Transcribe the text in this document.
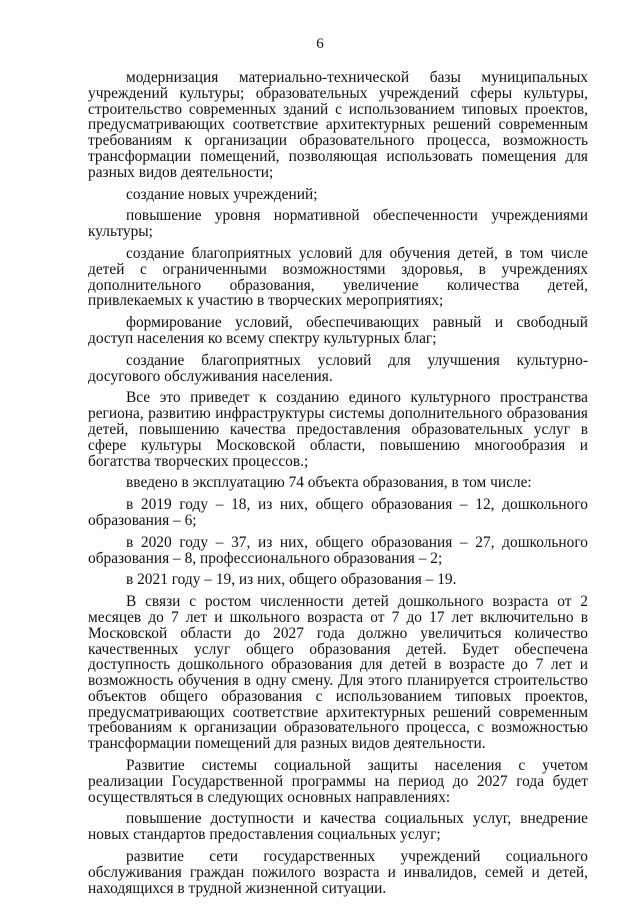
6

модернизация материально-технической базы муниципальных учреждений культуры; образовательных учреждений сферы культуры, строительство современных зданий с использованием типовых проектов, предусматривающих соответствие архитектурных решений современным требованиям к организации образовательного процесса, возможность трансформации помещений, позволяющая использовать помещения для разных видов деятельности;

создание новых учреждений;

повышение уровня нормативной обеспеченности учреждениями культуры;

создание благоприятных условий для обучения детей, в том числе детей с ограниченными возможностями здоровья, в учреждениях дополнительного образования, увеличение количества детей, привлекаемых к участию в творческих мероприятиях;

формирование условий, обеспечивающих равный и свободный доступ населения ко всему спектру культурных благ;

создание благоприятных условий для улучшения культурно-досугового обслуживания населения.

Все это приведет к созданию единого культурного пространства региона, развитию инфраструктуры системы дополнительного образования детей, повышению качества предоставления образовательных услуг в сфере культуры Московской области, повышению многообразия и богатства творческих процессов.;

введено в эксплуатацию 74 объекта образования, в том числе:

в 2019 году – 18, из них, общего образования – 12, дошкольного образования – 6;

в 2020 году – 37, из них, общего образования – 27, дошкольного образования – 8, профессионального образования – 2;

в 2021 году – 19, из них, общего образования – 19.

В связи с ростом численности детей дошкольного возраста от 2 месяцев до 7 лет и школьного возраста от 7 до 17 лет включительно в Московской области до 2027 года должно увеличиться количество качественных услуг общего образования детей. Будет обеспечена доступность дошкольного образования для детей в возрасте до 7 лет и возможность обучения в одну смену. Для этого планируется строительство объектов общего образования с использованием типовых проектов, предусматривающих соответствие архитектурных решений современным требованиям к организации образовательного процесса, с возможностью трансформации помещений для разных видов деятельности.

Развитие системы социальной защиты населения с учетом реализации Государственной программы на период до 2027 года будет осуществляться в следующих основных направлениях:

повышение доступности и качества социальных услуг, внедрение новых стандартов предоставления социальных услуг;

развитие сети государственных учреждений социального обслуживания граждан пожилого возраста и инвалидов, семей и детей, находящихся в трудной жизненной ситуации.
